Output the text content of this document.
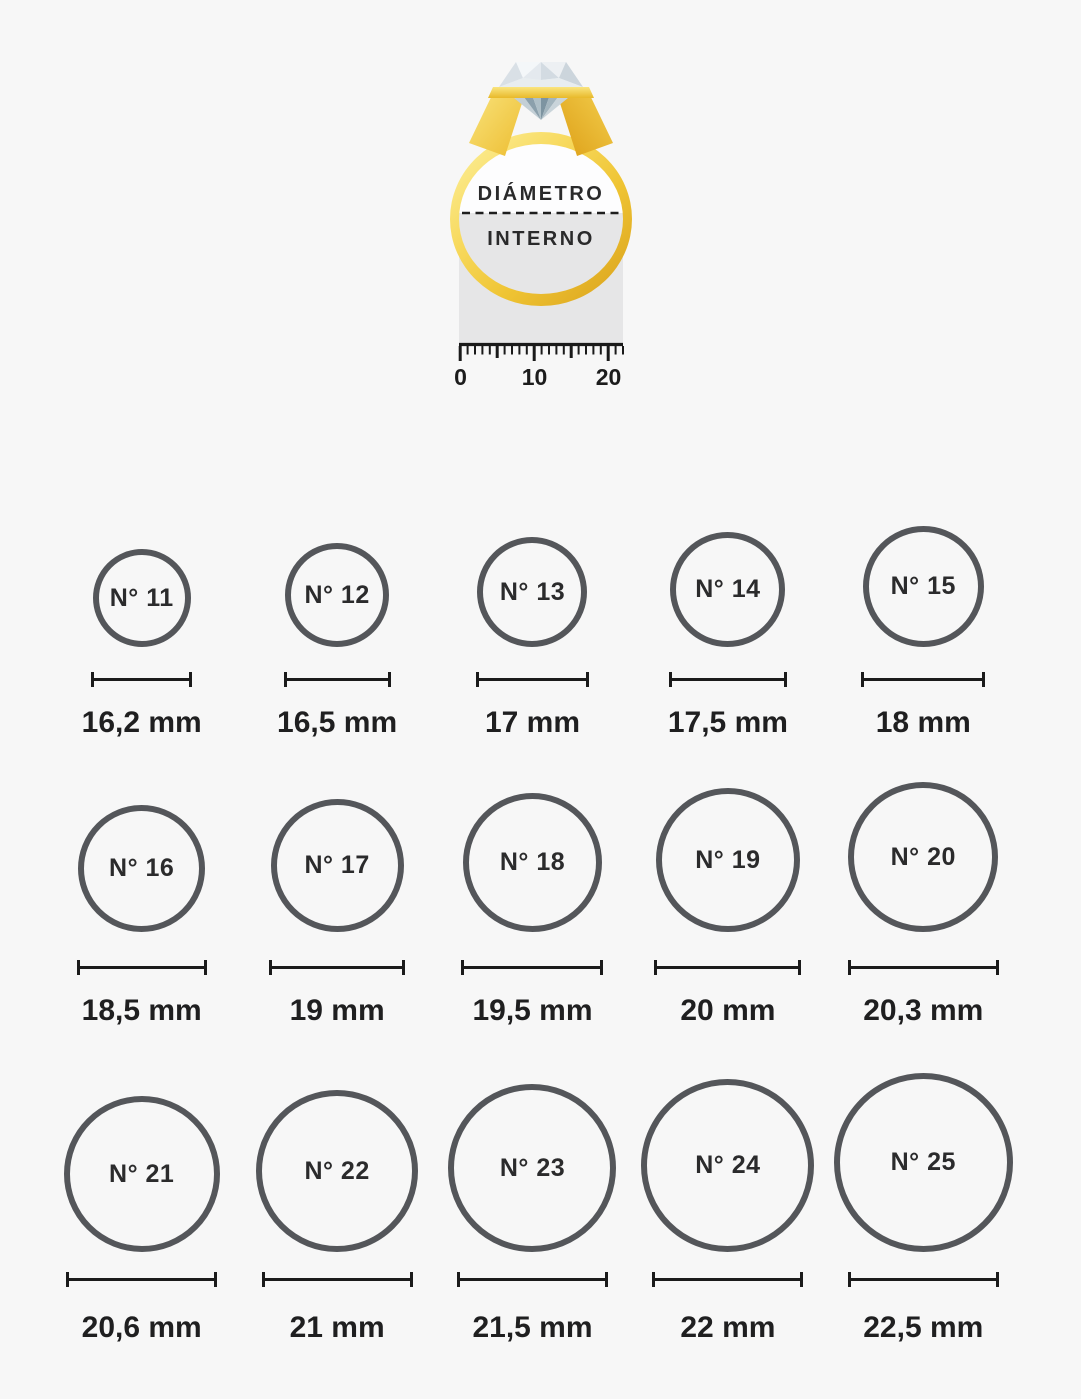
DIÁMETRO
INTERNO
0 10 20
N° 11
16,2 mm
N° 12
16,5 mm
N° 13
17 mm
N° 14
17,5 mm
N° 15
18 mm
N° 16
18,5 mm
N° 17
19 mm
N° 18
19,5 mm
N° 19
20 mm
N° 20
20,3 mm
N° 21
20,6 mm
N° 22
21 mm
N° 23
21,5 mm
N° 24
22 mm
N° 25
22,5 mm
